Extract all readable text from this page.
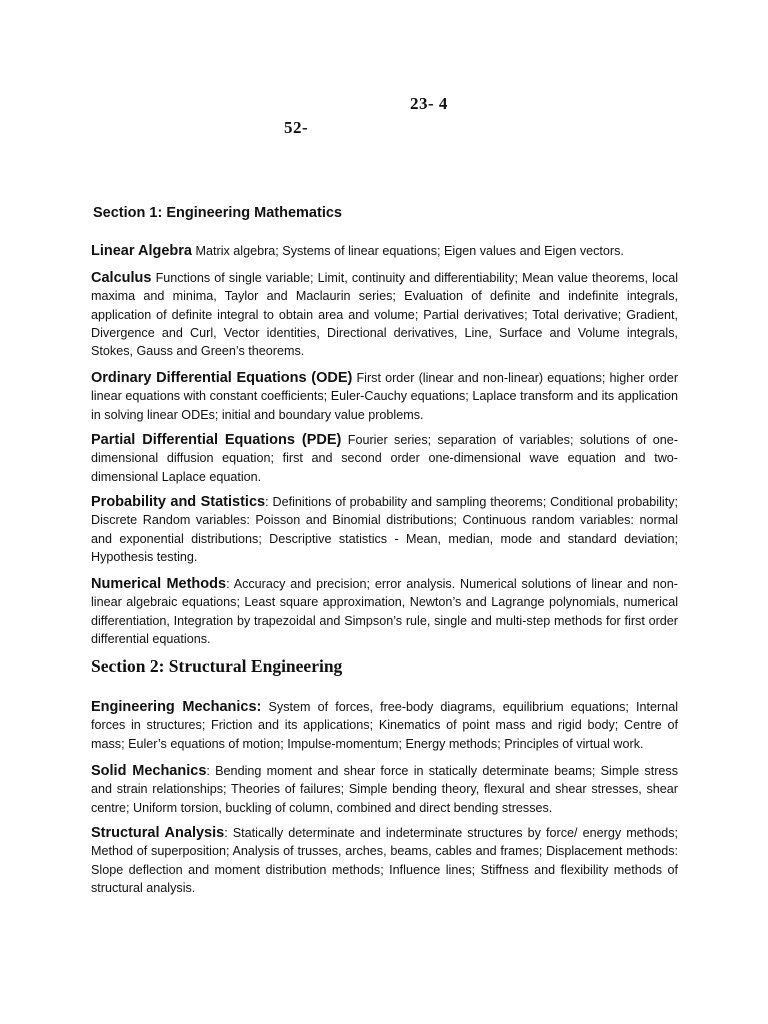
23- 4
52-
Section 1: Engineering Mathematics

Linear Algebra Matrix algebra; Systems of linear equations; Eigen values and Eigen vectors.

Calculus Functions of single variable; Limit, continuity and differentiability; Mean value theorems, local maxima and minima, Taylor and Maclaurin series; Evaluation of definite and indefinite integrals, application of definite integral to obtain area and volume; Partial derivatives; Total derivative; Gradient, Divergence and Curl, Vector identities, Directional derivatives, Line, Surface and Volume integrals, Stokes, Gauss and Green’s theorems.

Ordinary Differential Equations (ODE) First order (linear and non-linear) equations; higher order linear equations with constant coefficients; Euler-Cauchy equations; Laplace transform and its application in solving linear ODEs; initial and boundary value problems.

Partial Differential Equations (PDE) Fourier series; separation of variables; solutions of one-dimensional diffusion equation; first and second order one-dimensional wave equation and two-dimensional Laplace equation.

Probability and Statistics: Definitions of probability and sampling theorems; Conditional probability; Discrete Random variables: Poisson and Binomial distributions; Continuous random variables: normal and exponential distributions; Descriptive statistics - Mean, median, mode and standard deviation; Hypothesis testing.

Numerical Methods: Accuracy and precision; error analysis. Numerical solutions of linear and non-linear algebraic equations; Least square approximation, Newton’s and Lagrange polynomials, numerical differentiation, Integration by trapezoidal and Simpson’s rule, single and multi-step methods for first order differential equations.

Section 2: Structural Engineering

Engineering Mechanics: System of forces, free-body diagrams, equilibrium equations; Internal forces in structures; Friction and its applications; Kinematics of point mass and rigid body; Centre of mass; Euler’s equations of motion; Impulse-momentum; Energy methods; Principles of virtual work.

Solid Mechanics: Bending moment and shear force in statically determinate beams; Simple stress and strain relationships; Theories of failures; Simple bending theory, flexural and shear stresses, shear centre; Uniform torsion, buckling of column, combined and direct bending stresses.

Structural Analysis: Statically determinate and indeterminate structures by force/ energy methods; Method of superposition; Analysis of trusses, arches, beams, cables and frames; Displacement methods: Slope deflection and moment distribution methods; Influence lines; Stiffness and flexibility methods of structural analysis.
